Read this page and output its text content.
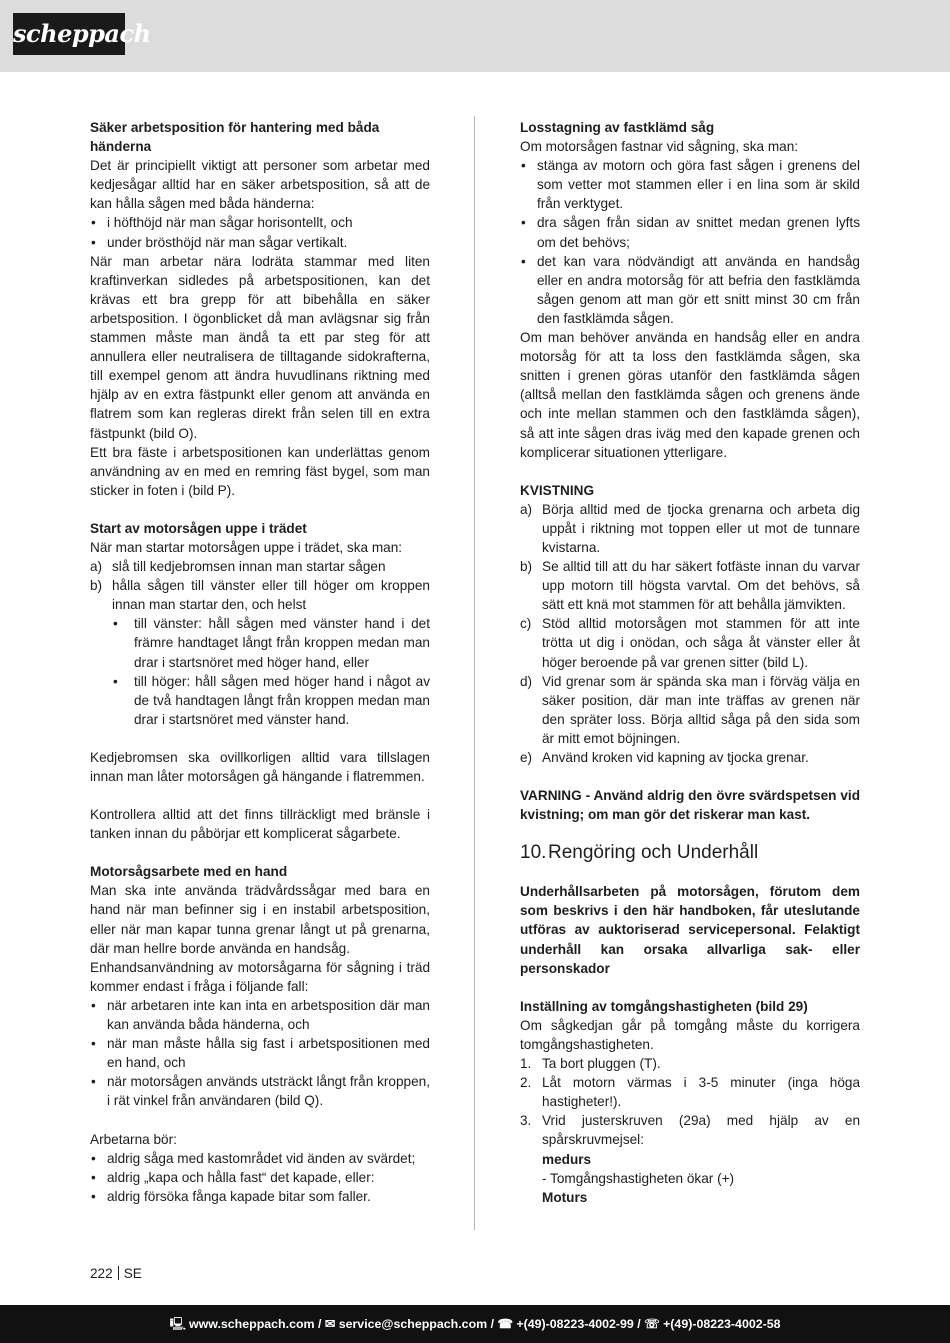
scheppach
Säker arbetsposition för hantering med båda händerna

Det är principiellt viktigt att personer som arbetar med kedjesågar alltid har en säker arbetsposition, så att de kan hålla sågen med båda händerna:

• i höfthöjd när man sågar horisontellt, och
• under brösthöjd när man sågar vertikalt.

När man arbetar nära lodräta stammar med liten kraftinverkan sidledes på arbetspositionen, kan det krävas ett bra grepp för att bibehålla en säker arbetsposition. I ögonblicket då man avlägsnar sig från stammen måste man ändå ta ett par steg för att annullera eller neutralisera de tilltagande sidokrafterna, till exempel genom att ändra huvudlinans riktning med hjälp av en extra fästpunkt eller genom att använda en flatrem som kan regleras direkt från selen till en extra fästpunkt (bild O).

Ett bra fäste i arbetspositionen kan underlättas genom användning av en med en remring fäst bygel, som man sticker in foten i (bild P).

Start av motorsågen uppe i trädet

När man startar motorsågen uppe i trädet, ska man:

a) slå till kedjebromsen innan man startar sågen
b) hålla sågen till vänster eller till höger om kroppen innan man startar den, och helst
• till vänster: håll sågen med vänster hand i det främre handtaget långt från kroppen medan man drar i startsnöret med höger hand, eller
• till höger: håll sågen med höger hand i något av de två handtagen långt från kroppen medan man drar i startsnöret med vänster hand.

Kedjebromsen ska ovillkorligen alltid vara tillslagen innan man låter motorsågen gå hängande i flatremmen.

Kontrollera alltid att det finns tillräckligt med bränsle i tanken innan du påbörjar ett komplicerat sågarbete.

Motorsågsarbete med en hand

Man ska inte använda trädvårdssågar med bara en hand när man befinner sig i en instabil arbetsposition, eller när man kapar tunna grenar långt ut på grenarna, där man hellre borde använda en handsåg.

Enhandsanvändning av motorsågarna för sågning i träd kommer endast i fråga i följande fall:

• när arbetaren inte kan inta en arbetsposition där man kan använda båda händerna, och
• när man måste hålla sig fast i arbetspositionen med en hand, och
• när motorsågen används utsträckt långt från kroppen, i rät vinkel från användaren (bild Q).

Arbetarna bör:

• aldrig såga med kastområdet vid änden av svärdet;
• aldrig „kapa och hålla fast“ det kapade, eller:
• aldrig försöka fånga kapade bitar som faller.
Losstagning av fastklämd såg

Om motorsågen fastnar vid sågning, ska man:

• stänga av motorn och göra fast sågen i grenens del som vetter mot stammen eller i en lina som är skild från verktyget.
• dra sågen från sidan av snittet medan grenen lyfts om det behövs;
• det kan vara nödvändigt att använda en handsåg eller en andra motorsåg för att befria den fastklämda sågen genom att man gör ett snitt minst 30 cm från den fastklämda sågen.

Om man behöver använda en handsåg eller en andra motorsåg för att ta loss den fastklämda sågen, ska snitten i grenen göras utanför den fastklämda sågen (alltså mellan den fastklämda sågen och grenens ände och inte mellan stammen och den fastklämda sågen), så att inte sågen dras iväg med den kapade grenen och komplicerar situationen ytterligare.

KVISTNING
a) Börja alltid med de tjocka grenarna och arbeta dig uppåt i riktning mot toppen eller ut mot de tunnare kvistarna.
b) Se alltid till att du har säkert fotfäste innan du varvar upp motorn till högsta varvtal. Om det behövs, så sätt ett knä mot stammen för att behålla jämvikten.
c) Stöd alltid motorsågen mot stammen för att inte trötta ut dig i onödan, och såga åt vänster eller åt höger beroende på var grenen sitter (bild L).
d) Vid grenar som är spända ska man i förväg välja en säker position, där man inte träffas av grenen när den spräter loss. Börja alltid såga på den sida som är mitt emot böjningen.
e) Använd kroken vid kapning av tjocka grenar.

VARNING - Använd aldrig den övre svärdspetsen vid kvistning; om man gör det riskerar man kast.

10.Rengöring och Underhåll

Underhållsarbeten på motorsågen, förutom dem som beskrivs i den här handboken, får uteslutande utföras av auktoriserad servicepersonal. Felaktigt underhåll kan orsaka allvarliga sak- eller personskador

Inställning av tomgångshastigheten (bild 29)

Om sågkedjan går på tomgång måste du korrigera tomgångshastigheten.

1. Ta bort pluggen (T).
2. Låt motorn värmas i 3-5 minuter (inga höga hastigheter!).
3. Vrid justerskruven (29a) med hjälp av en spårskruvmejsel:
medurs
- Tomgångshastigheten ökar (+)
Moturs
222 SE
🖳 www.scheppach.com / ✉ service@scheppach.com / ☎ +(49)-08223-4002-99 / ☏ +(49)-08223-4002-58
